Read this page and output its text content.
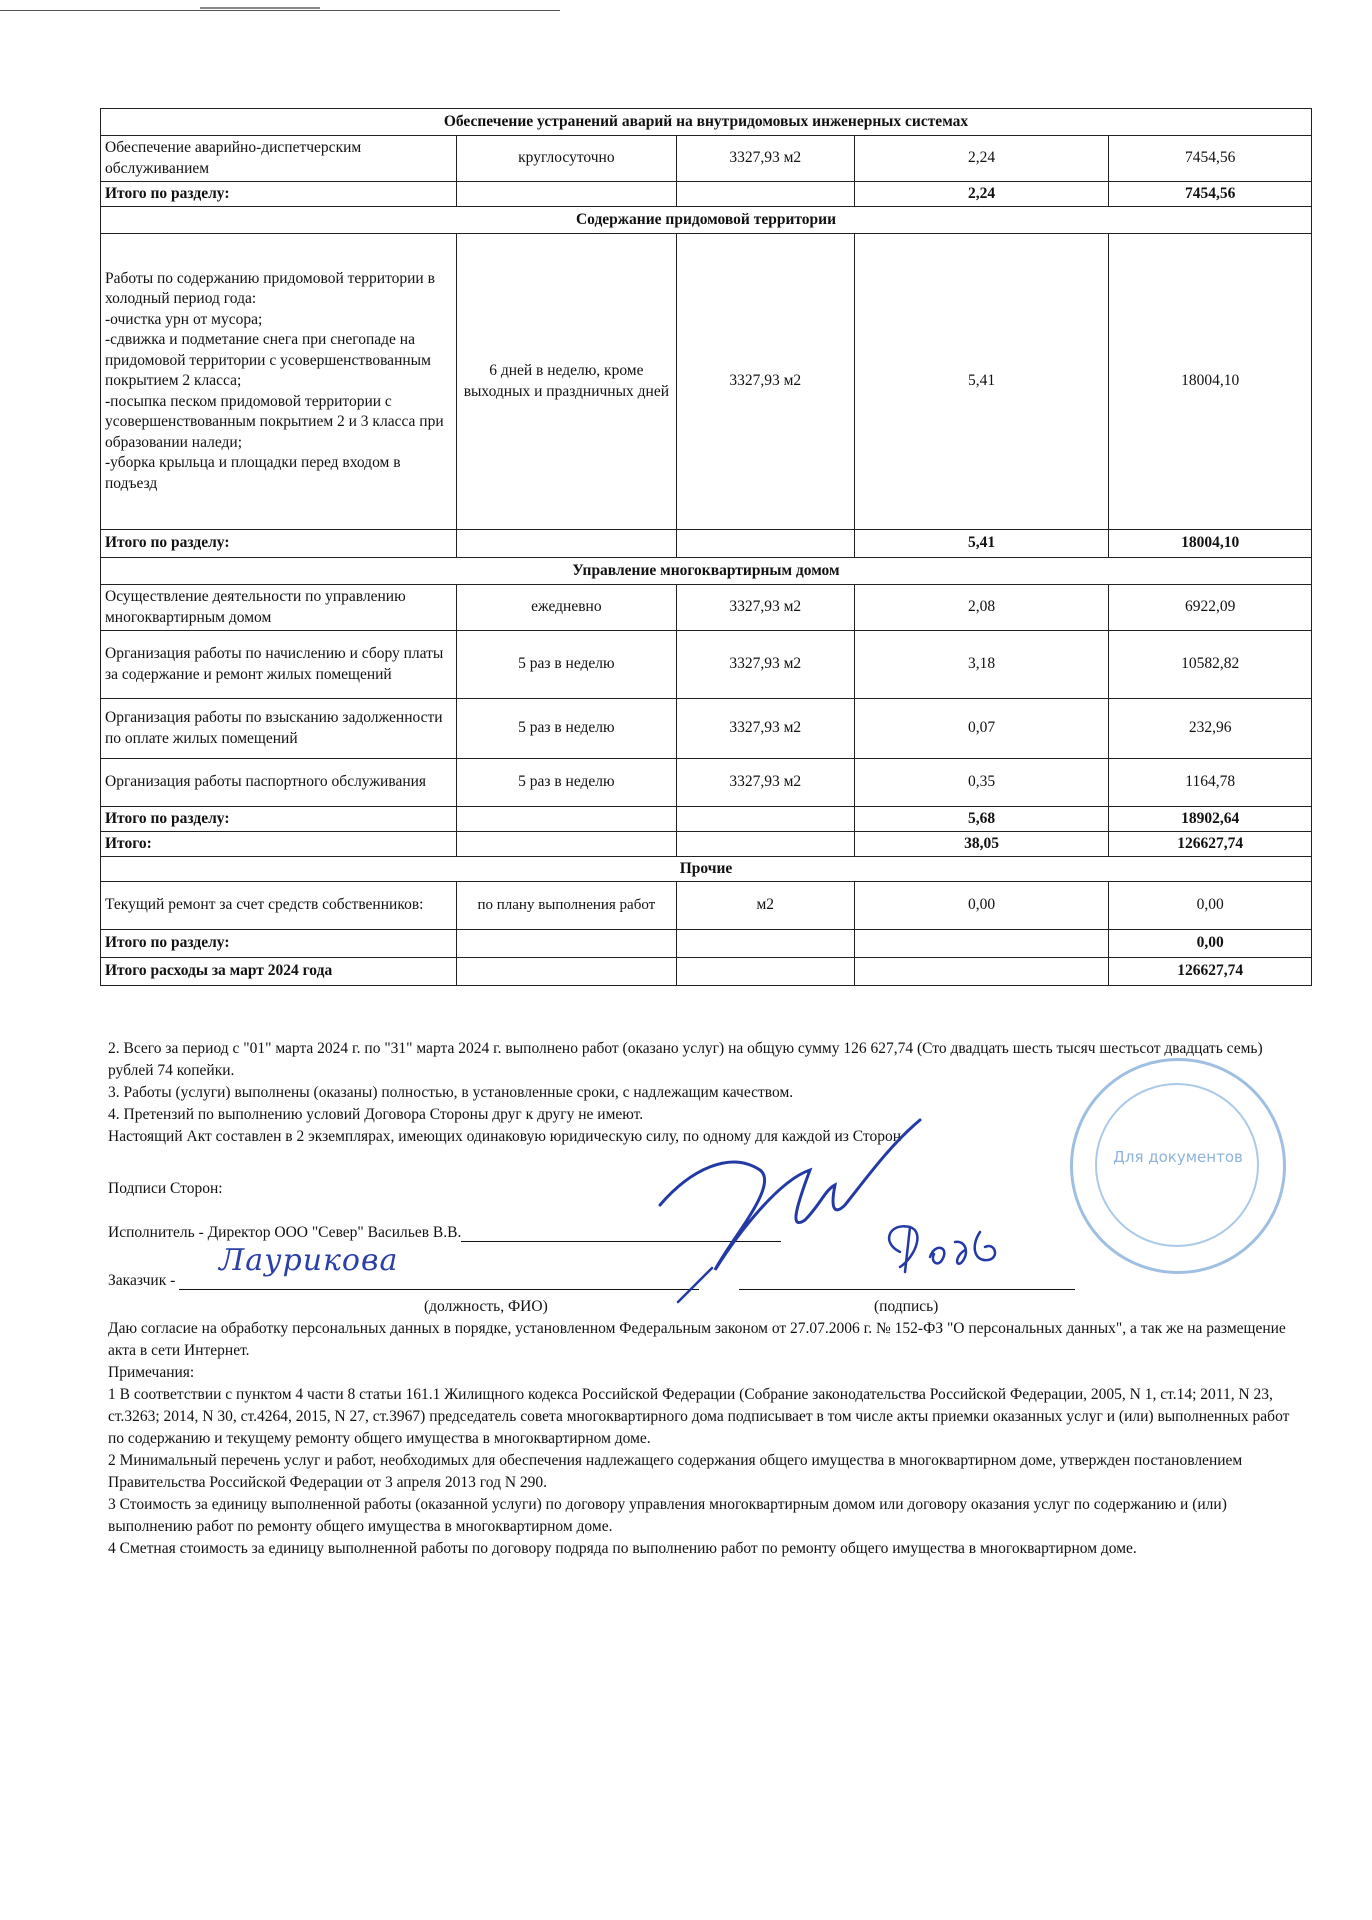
Обеспечение устранений аварий на внутридомовых инженерных системах				
Обеспечение аварийно-диспетчерским обслуживанием	круглосуточно	3327,93 м2	2,24	7454,56
Итого по разделу:			2,24	7454,56
Содержание придомовой территории				
Работы по содержанию придомовой территории в холодный период года:
-очистка урн от мусора;
-сдвижка и подметание снега при снегопаде на придомовой территории с усовершенствованным покрытием 2 класса;
-посыпка песком придомовой территории с усовершенствованным покрытием 2 и 3 класса при образовании наледи;
-уборка крыльца и площадки перед входом в подъезд	6 дней в неделю, кроме выходных и праздничных дней	3327,93 м2	5,41	18004,10
Итого по разделу:			5,41	18004,10
Управление многоквартирным домом				
Осуществление деятельности по управлению многоквартирным домом	ежедневно	3327,93 м2	2,08	6922,09
Организация работы по начислению и сбору платы за содержание и ремонт жилых помещений	5 раз в неделю	3327,93 м2	3,18	10582,82
Организация работы по взысканию задолженности по оплате жилых помещений	5 раз в неделю	3327,93 м2	0,07	232,96
Организация работы паспортного обслуживания	5 раз в неделю	3327,93 м2	0,35	1164,78
Итого по разделу:			5,68	18902,64
Итого:			38,05	126627,74
Прочие				
Текущий ремонт за счет средств собственников:	по плану выполнения работ	м2	0,00	0,00
Итого по разделу:				0,00
Итого расходы за март 2024 года				126627,74

2. Всего за период с "01" марта 2024 г. по "31" марта 2024 г. выполнено работ (оказано услуг) на общую сумму 126 627,74 (Сто двадцать шесть тысяч шестьсот двадцать семь) рублей 74 копейки.

3. Работы (услуги) выполнены (оказаны) полностью, в установленные сроки, с надлежащим качеством.

4. Претензий по выполнению условий Договора Стороны друг к другу не имеют.

Настоящий Акт составлен в 2 экземплярах, имеющих одинаковую юридическую силу, по одному для каждой из Сторон

Подписи Сторон:
Исполнитель - Директор ООО "Север" Васильев В.В.
Заказчик -
Лаурикова

(должность, ФИО)	(подпись)

Даю согласие на обработку персональных данных в порядке, установленном Федеральным законом от 27.07.2006 г. № 152-ФЗ "О персональных данных", а так же на размещение акта в сети Интернет.

Примечания:

1 В соответствии с пунктом 4 части 8 статьи 161.1 Жилищного кодекса Российской Федерации (Собрание законодательства Российской Федерации, 2005, N 1, ст.14; 2011, N 23, ст.3263; 2014, N 30, ст.4264, 2015, N 27, ст.3967) председатель совета многоквартирного дома подписывает в том числе акты приемки оказанных услуг и (или) выполненных работ по содержанию и текущему ремонту общего имущества в многоквартирном доме.

2 Минимальный перечень услуг и работ, необходимых для обеспечения надлежащего содержания общего имущества в многоквартирном доме, утвержден постановлением Правительства Российской Федерации от 3 апреля 2013 год N 290.

3 Стоимость за единицу выполненной работы (оказанной услуги) по договору управления многоквартирным домом или договору оказания услуг по содержанию и (или) выполнению работ по ремонту общего имущества в многоквартирном доме.

4 Сметная стоимость за единицу выполненной работы по договору подряда по выполнению работ по ремонту общего имущества в многоквартирном доме.

Для документов
